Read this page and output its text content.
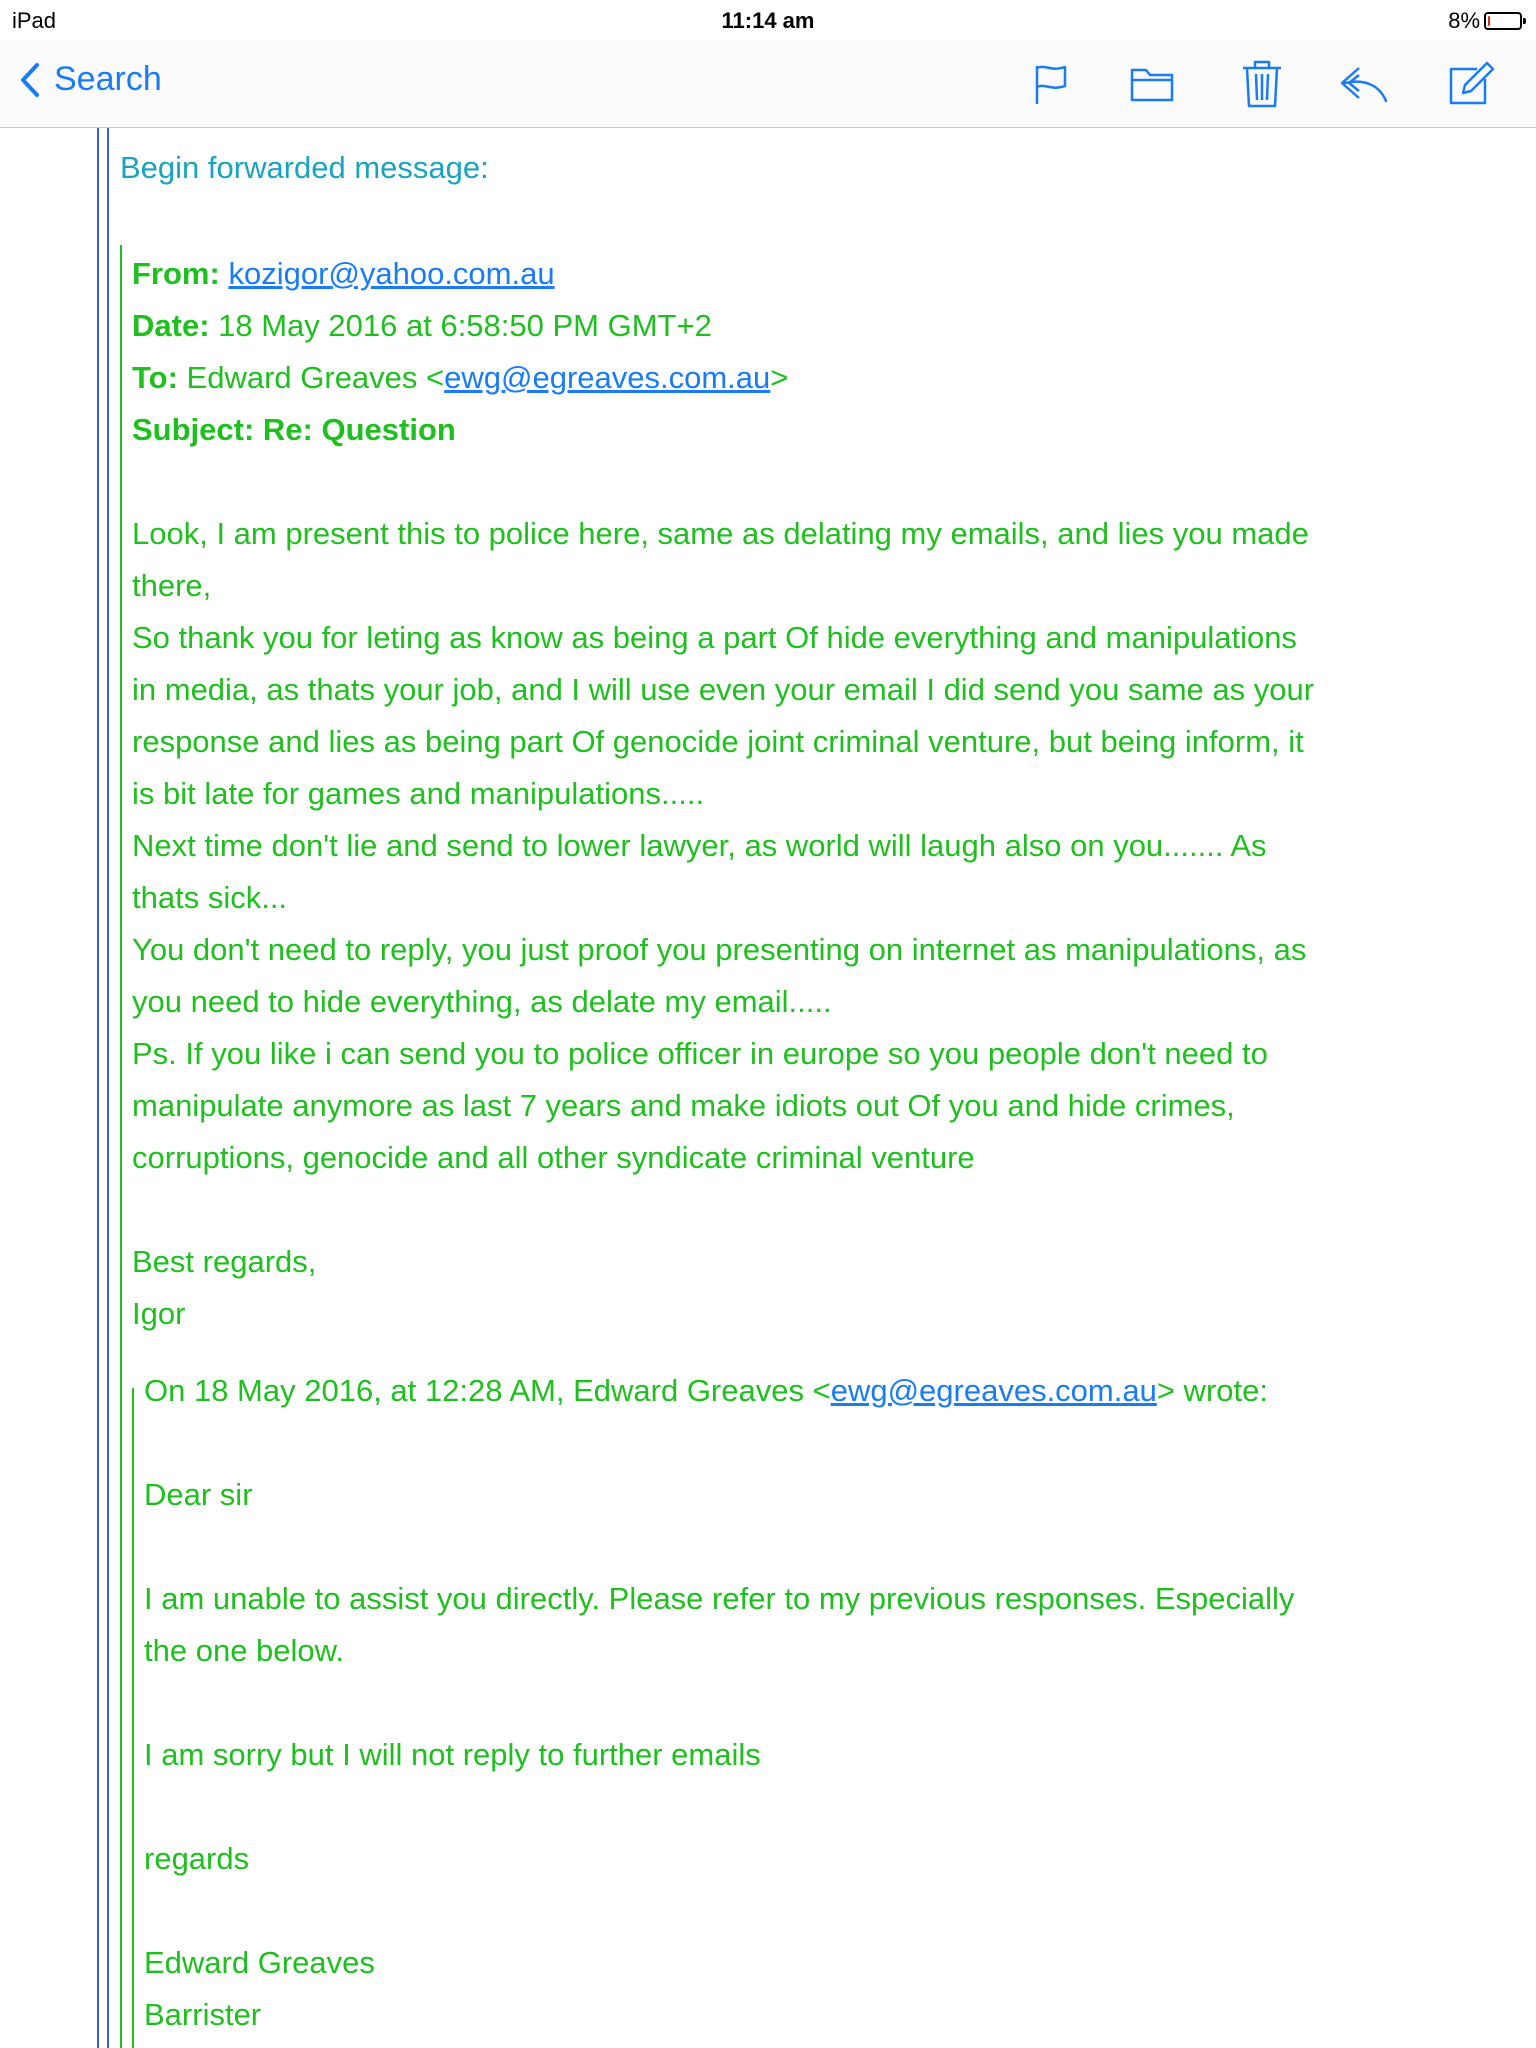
iPad	11:14 am	8%
Search
Begin forwarded message:
From: kozigor@yahoo.com.au
Date: 18 May 2016 at 6:58:50 PM GMT+2
To: Edward Greaves <ewg@egreaves.com.au>
Subject: Re: Question
Look, I am present this to police here, same as delating my emails, and lies you made
there,
So thank you for leting as know as being a part Of hide everything and manipulations
in media, as thats your job, and I will use even your email I did send you same as your
response and lies as being part Of genocide joint criminal venture, but being inform, it
is bit late for games and manipulations.....
Next time don't lie and send to lower lawyer, as world will laugh also on you....... As
thats sick...
You don't need to reply, you just proof you presenting on internet as manipulations, as
you need to hide everything, as delate my email.....
Ps. If you like i can send you to police officer in europe so you people don't need to
manipulate anymore as last 7 years and make idiots out Of you and hide crimes,
corruptions, genocide and all other syndicate criminal venture
Best regards,
Igor
On 18 May 2016, at 12:28 AM, Edward Greaves <ewg@egreaves.com.au> wrote:
Dear sir
I am unable to assist you directly. Please refer to my previous responses. Especially
the one below.
I am sorry but I will not reply to further emails
regards
Edward Greaves
Barrister
